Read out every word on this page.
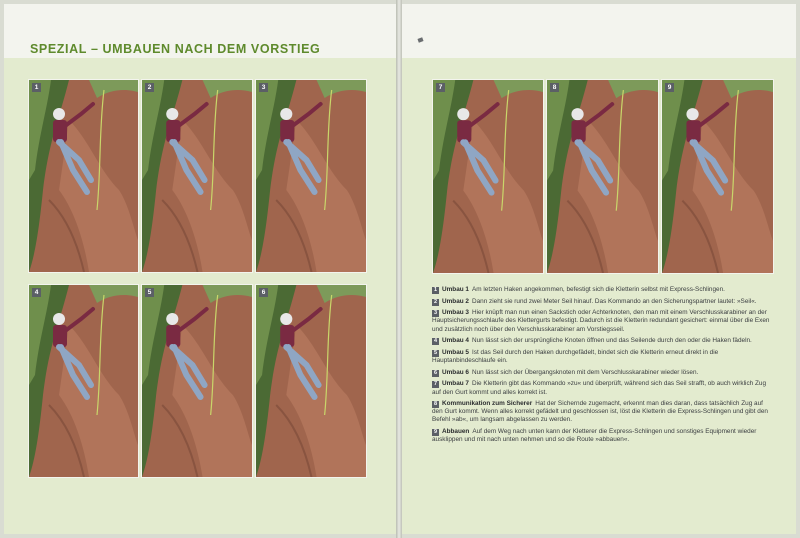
SPEZIAL – UMBAUEN NACH DEM VORSTIEG
1	2	3
4	5	6
7	8	9

1 Umbau 1 Am letzten Haken angekommen, befestigt sich die Kletterin selbst mit Express-Schlingen.

2 Umbau 2 Dann zieht sie rund zwei Meter Seil hinauf. Das Kommando an den Sicherungspartner lautet: »Seil«.

3 Umbau 3 Hier knüpft man nun einen Sackstich oder Achterknoten, den man mit einem Verschlusskarabiner an der Hauptsicherungsschlaufe des Klettergurts befestigt. Dadurch ist die Kletterin redundant gesichert: einmal über die Exen und zusätzlich noch über den Verschlusskarabiner am Vorstiegsseil.

4 Umbau 4 Nun lässt sich der ursprüngliche Knoten öffnen und das Seilende durch den oder die Haken fädeln.

5 Umbau 5 Ist das Seil durch den Haken durchgefädelt, bindet sich die Kletterin erneut direkt in die Hauptanbindeschlaufe ein.

6 Umbau 6 Nun lässt sich der Übergangsknoten mit dem Verschlusskarabiner wieder lösen.

7 Umbau 7 Die Kletterin gibt das Kommando »zu« und überprüft, während sich das Seil strafft, ob auch wirklich Zug auf den Gurt kommt und alles korrekt ist.

8 Kommunikation zum Sicherer Hat der Sichernde zugemacht, erkennt man dies daran, dass tatsächlich Zug auf den Gurt kommt. Wenn alles korrekt gefädelt und geschlossen ist, löst die Kletterin die Express-Schlingen und gibt den Befehl »ab«, um langsam abgelassen zu werden.

9 Abbauen Auf dem Weg nach unten kann der Kletterer die Express-Schlingen und sonstiges Equipment wieder ausklippen und mit nach unten nehmen und so die Route »abbauen«.
